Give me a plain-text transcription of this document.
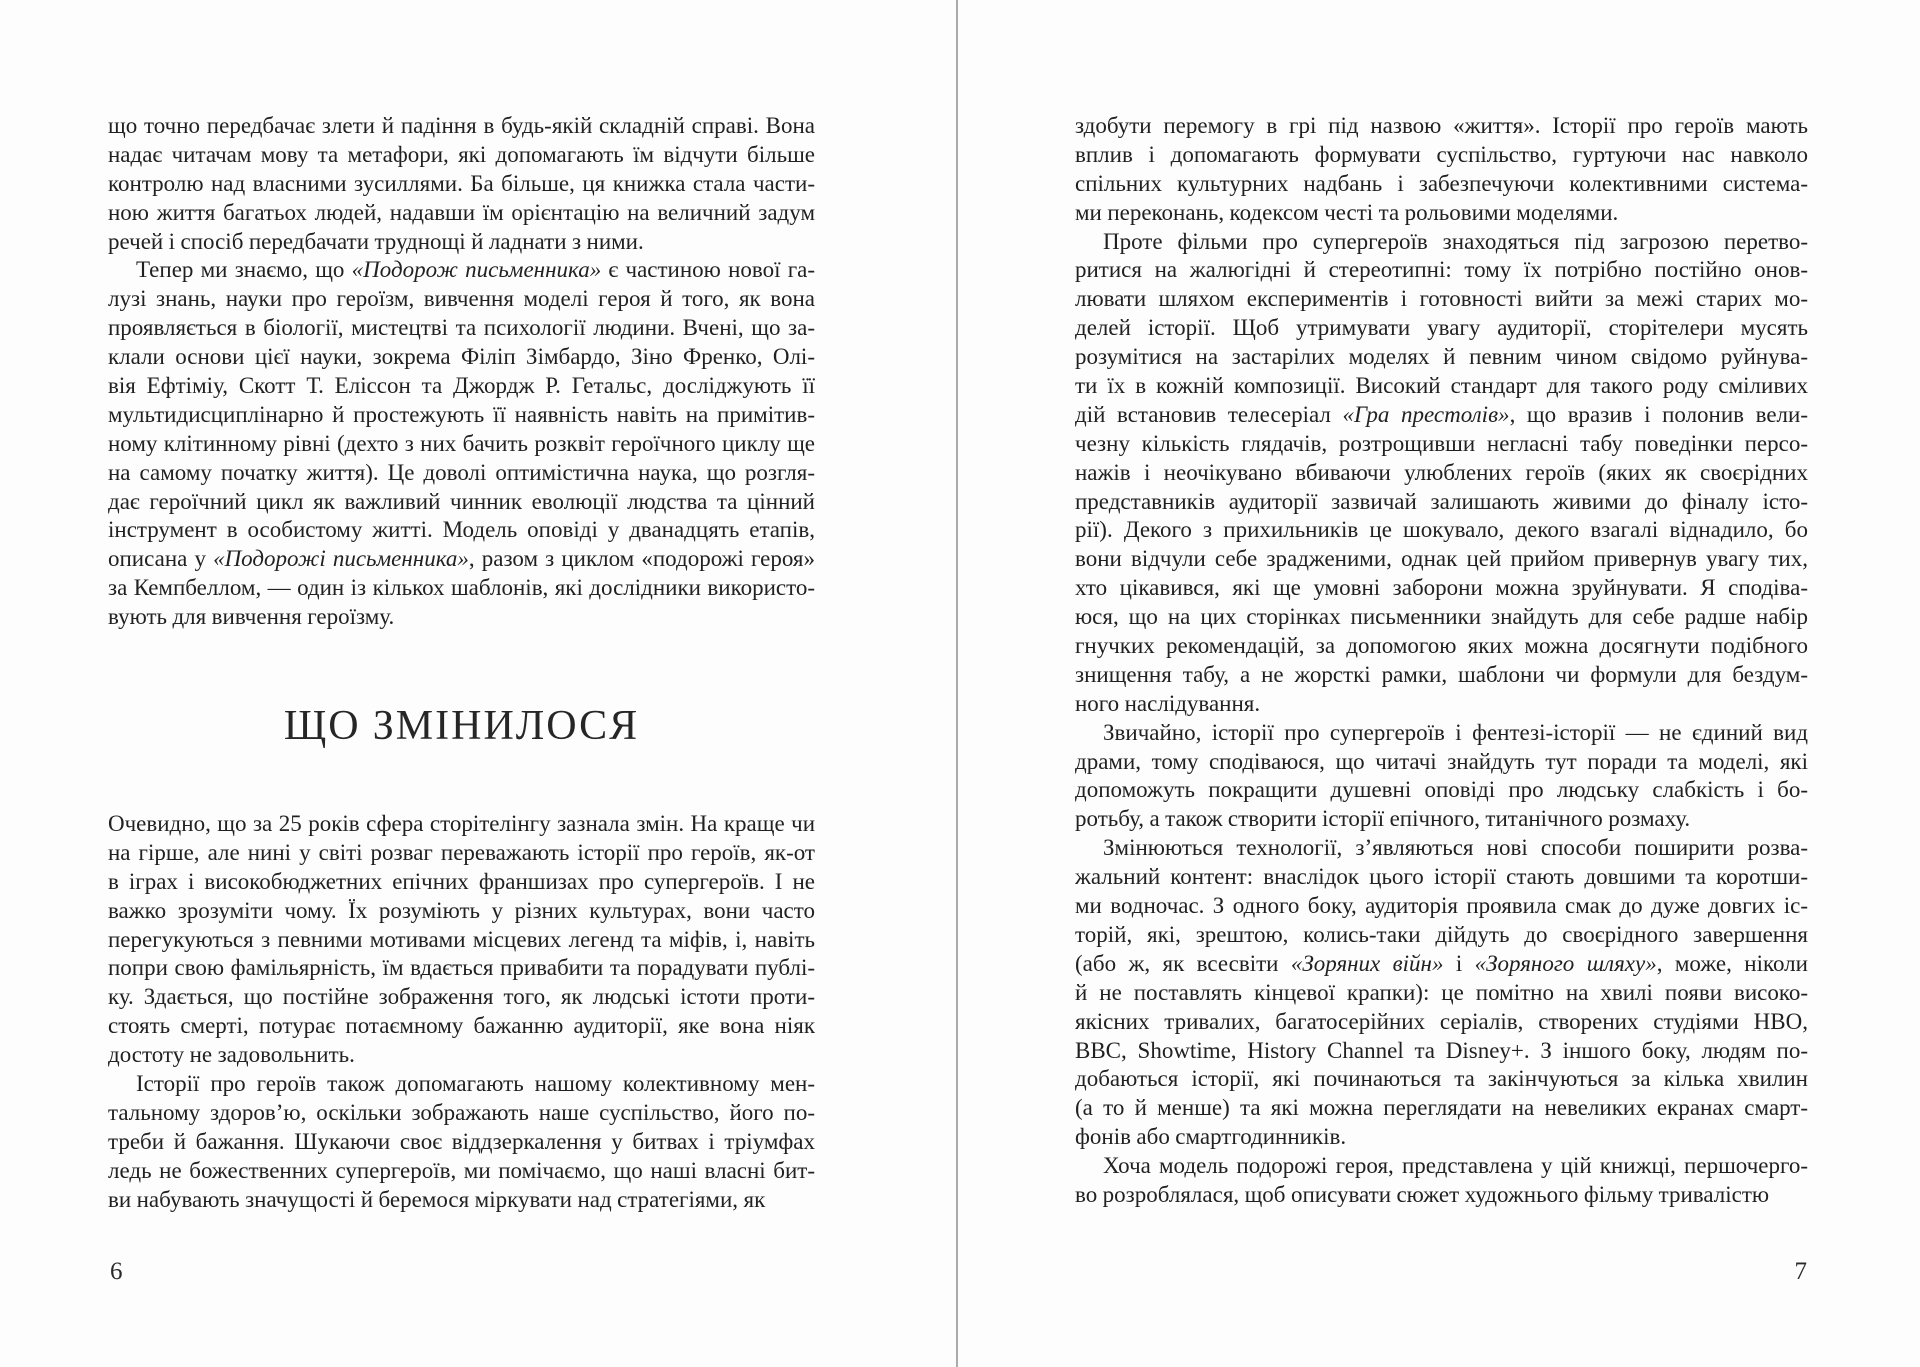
що точно передбачає злети й падіння в будь-якій складній справі. Вона
надає читачам мову та метафори, які допомагають їм відчути більше
контролю над власними зусиллями. Ба більше, ця книжка стала части-
ною життя багатьох людей, надавши їм орієнтацію на величний задум
речей і спосіб передбачати труднощі й ладнати з ними.
Тепер ми знаємо, що «Подорож письменника» є частиною нової га-
лузі знань, науки про героїзм, вивчення моделі героя й того, як вона
проявляється в біології, мистецтві та психології людини. Вчені, що за-
клали основи цієї науки, зокрема Філіп Зімбардо, Зіно Френко, Олі-
вія Ефтіміу, Скотт Т. Еліссон та Джордж Р. Гетальс, досліджують її
мультидисциплінарно й простежують її наявність навіть на примітив-
ному клітинному рівні (дехто з них бачить розквіт героїчного циклу ще
на самому початку життя). Це доволі оптимістична наука, що розгля-
дає героїчний цикл як важливий чинник еволюції людства та цінний
інструмент в особистому житті. Модель оповіді у дванадцять етапів,
описана у «Подорожі письменника», разом з циклом «подорожі героя»
за Кемпбеллом, — один із кількох шаблонів, які дослідники використо-
вують для вивчення героїзму.
ЩО ЗМІНИЛОСЯ
Очевидно, що за 25 років сфера сторітелінгу зазнала змін. На краще чи
на гірше, але нині у світі розваг переважають історії про героїв, як-от
в іграх і високобюджетних епічних франшизах про супергероїв. І не
важко зрозуміти чому. Їх розуміють у різних культурах, вони часто
перегукуються з певними мотивами місцевих легенд та міфів, і, навіть
попри свою фамільярність, їм вдається привабити та порадувати публі-
ку. Здається, що постійне зображення того, як людські істоти проти-
стоять смерті, потурає потаємному бажанню аудиторії, яке вона ніяк
достоту не задовольнить.
Історії про героїв також допомагають нашому колективному мен-
тальному здоров’ю, оскільки зображають наше суспільство, його по-
треби й бажання. Шукаючи своє віддзеркалення у битвах і тріумфах
ледь не божественних супергероїв, ми помічаємо, що наші власні бит-
ви набувають значущості й беремося міркувати над стратегіями, як
6
здобути перемогу в грі під назвою «життя». Історії про героїв мають
вплив і допомагають формувати суспільство, гуртуючи нас навколо
спільних культурних надбань і забезпечуючи колективними система-
ми переконань, кодексом честі та рольовими моделями.
Проте фільми про супергероїв знаходяться під загрозою перетво-
ритися на жалюгідні й стереотипні: тому їх потрібно постійно онов-
лювати шляхом експериментів і готовності вийти за межі старих мо-
делей історії. Щоб утримувати увагу аудиторії, сторітелери мусять
розумітися на застарілих моделях й певним чином свідомо руйнува-
ти їх в кожній композиції. Високий стандарт для такого роду сміливих
дій встановив телесеріал «Гра престолів», що вразив і полонив вели-
чезну кількість глядачів, розтрощивши негласні табу поведінки персо-
нажів і неочікувано вбиваючи улюблених героїв (яких як своєрідних
представників аудиторії зазвичай залишають живими до фіналу істо-
рії). Декого з прихильників це шокувало, декого взагалі віднадило, бо
вони відчули себе зрадженими, однак цей прийом привернув увагу тих,
хто цікавився, які ще умовні заборони можна зруйнувати. Я сподіва-
юся, що на цих сторінках письменники знайдуть для себе радше набір
гнучких рекомендацій, за допомогою яких можна досягнути подібного
знищення табу, а не жорсткі рамки, шаблони чи формули для бездум-
ного наслідування.
Звичайно, історії про супергероїв і фентезі-історії — не єдиний вид
драми, тому сподіваюся, що читачі знайдуть тут поради та моделі, які
допоможуть покращити душевні оповіді про людську слабкість і бо-
ротьбу, а також створити історії епічного, титанічного розмаху.
Змінюються технології, з’являються нові способи поширити розва-
жальний контент: внаслідок цього історії стають довшими та коротши-
ми водночас. З одного боку, аудиторія проявила смак до дуже довгих іс-
торій, які, зрештою, колись-таки дійдуть до своєрідного завершення
(або ж, як всесвіти «Зоряних війн» і «Зоряного шляху», може, ніколи
й не поставлять кінцевої крапки): це помітно на хвилі появи високо-
якісних тривалих, багатосерійних серіалів, створених студіями HBO,
BBC, Showtime, History Channel та Disney+. З іншого боку, людям по-
добаються історії, які починаються та закінчуються за кілька хвилин
(а то й менше) та які можна переглядати на невеликих екранах смарт-
фонів або смартгодинників.
Хоча модель подорожі героя, представлена у цій книжці, першочерго-
во розроблялася, щоб описувати сюжет художнього фільму тривалістю
7
